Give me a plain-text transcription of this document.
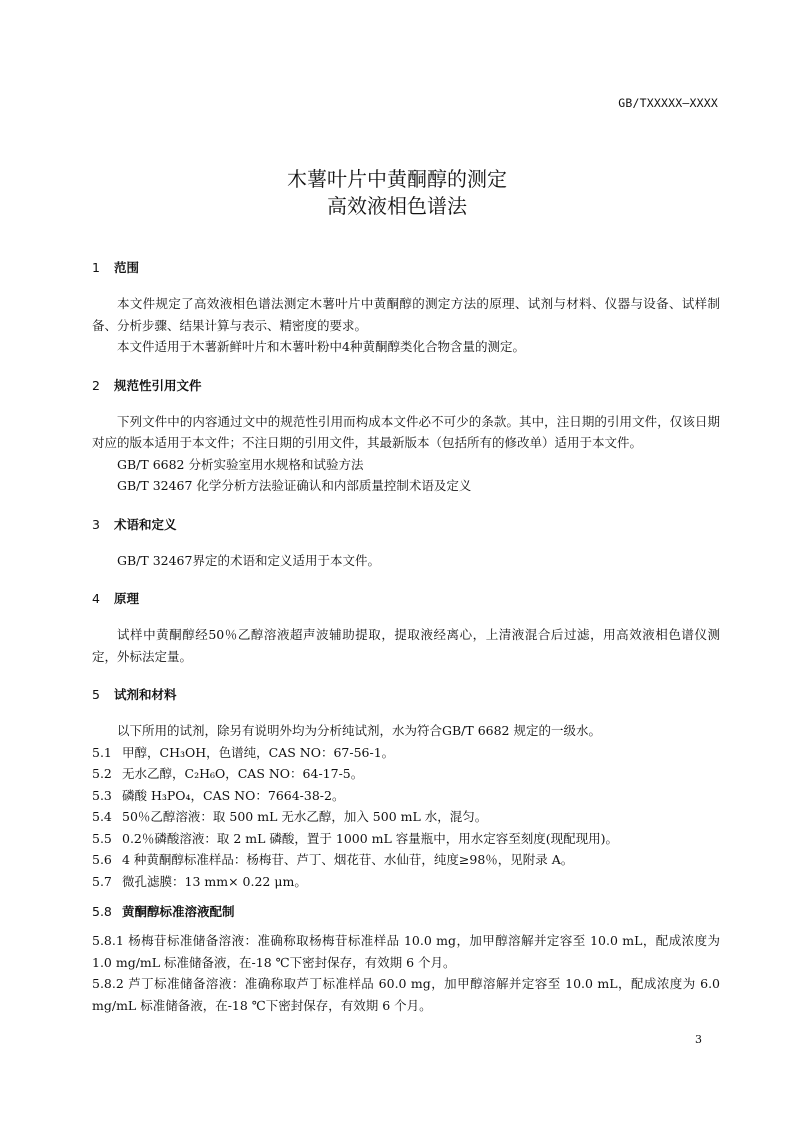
GB/TXXXXX—XXXX
木薯叶片中黄酮醇的测定
高效液相色谱法
1	范围

本文件规定了高效液相色谱法测定木薯叶片中黄酮醇的测定方法的原理、试剂与材料、仪器与设备、试样制备、分析步骤、结果计算与表示、精密度的要求。

本文件适用于木薯新鲜叶片和木薯叶粉中4种黄酮醇类化合物含量的测定。

2	规范性引用文件

下列文件中的内容通过文中的规范性引用而构成本文件必不可少的条款。其中，注日期的引用文件，仅该日期对应的版本适用于本文件；不注日期的引用文件，其最新版本（包括所有的修改单）适用于本文件。

GB/T 6682 分析实验室用水规格和试验方法

GB/T 32467 化学分析方法验证确认和内部质量控制术语及定义

3	术语和定义

GB/T 32467界定的术语和定义适用于本文件。

4	原理

试样中黄酮醇经50％乙醇溶液超声波辅助提取，提取液经离心，上清液混合后过滤，用高效液相色谱仪测定，外标法定量。

5	试剂和材料

以下所用的试剂，除另有说明外均为分析纯试剂，水为符合GB/T 6682 规定的一级水。

5.1 甲醇，CH₃OH，色谱纯，CAS NO：67-56-1。

5.2 无水乙醇，C₂H₆O，CAS NO：64-17-5。

5.3 磷酸 H₃PO₄，CAS NO：7664-38-2。

5.4 50％乙醇溶液：取 500 mL 无水乙醇，加入 500 mL 水，混匀。

5.5 0.2％磷酸溶液：取 2 mL 磷酸，置于 1000 mL 容量瓶中，用水定容至刻度(现配现用)。

5.6 4 种黄酮醇标准样品：杨梅苷、芦丁、烟花苷、水仙苷，纯度≥98％，见附录 A。

5.7 微孔滤膜：13 mm× 0.22 μm。

5.8 黄酮醇标准溶液配制

5.8.1 杨梅苷标准储备溶液：准确称取杨梅苷标准样品 10.0 mg，加甲醇溶解并定容至 10.0 mL，配成浓度为 1.0 mg/mL 标准储备液，在-18 ℃下密封保存，有效期 6 个月。

5.8.2 芦丁标准储备溶液：准确称取芦丁标准样品 60.0 mg，加甲醇溶解并定容至 10.0 mL，配成浓度为 6.0 mg/mL 标准储备液，在-18 ℃下密封保存，有效期 6 个月。

3
